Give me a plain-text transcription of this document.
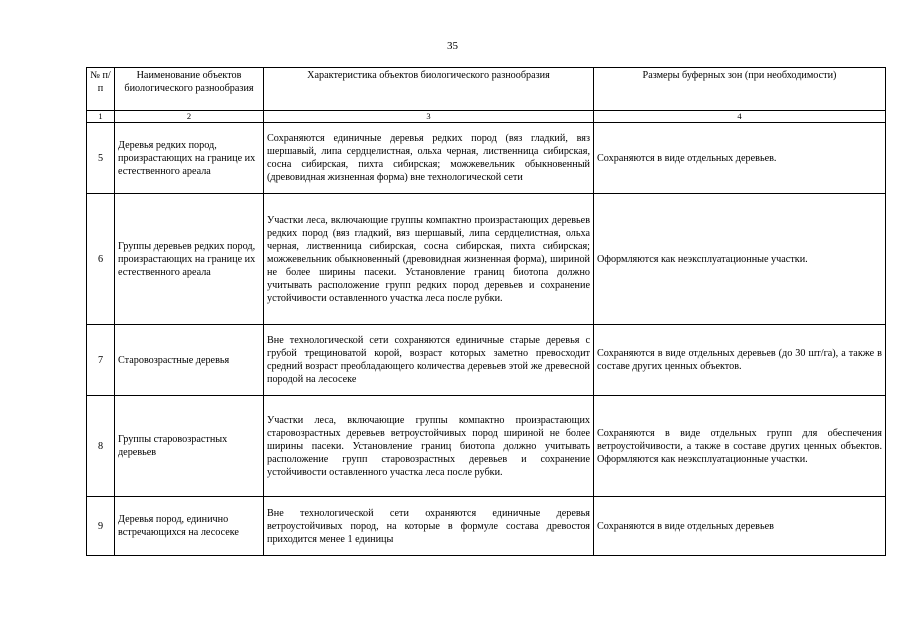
35
№ п/п	Наименование объектов биологического разнообразия	Характеристика объектов биологического разнообразия	Размеры буферных зон (при необходимости)
1	2	3	4
5	Деревья редких пород, произрастающих на границе их естественного ареала	Сохраняются единичные деревья редких пород (вяз гладкий, вяз шершавый, липа сердцелистная, ольха черная, лиственница сибирская, сосна сибирская, пихта сибирская; можжевельник обыкновенный (древовидная жизненная форма) вне технологической сети	Сохраняются в виде отдельных деревьев.
6	Группы деревьев редких пород, произрастающих на границе их естественного ареала	Участки леса, включающие группы компактно произрастающих деревьев редких пород (вяз гладкий, вяз шершавый, липа сердцелистная, ольха черная, лиственница сибирская, сосна сибирская, пихта сибирская; можжевельник обыкновенный (древовидная жизненная форма), шириной не более ширины пасеки. Установление границ биотопа должно учитывать расположение групп редких пород деревьев и сохранение устойчивости оставленного участка леса после рубки.	Оформляются как неэксплуатационные участки.
7	Старовозрастные деревья	Вне технологической сети сохраняются единичные старые деревья с грубой трещиноватой корой, возраст которых заметно превосходит средний возраст преобладающего количества деревьев этой же древесной породой на лесосеке	Сохраняются в виде отдельных деревьев (до 30 шт/га), а также в составе других ценных объектов.
8	Группы старовозрастных деревьев	Участки леса, включающие группы компактно произрастающих старовозрастных деревьев ветроустойчивых пород шириной не более ширины пасеки. Установление границ биотопа должно учитывать расположение групп старовозрастных деревьев и сохранение устойчивости оставленного участка леса после рубки.	Сохраняются в виде отдельных групп для обеспечения ветроустойчивости, а также в составе других ценных объектов. Оформляются как неэксплуатационные участки.
9	Деревья пород, единично встречающихся на лесосеке	Вне технологической сети охраняются единичные деревья ветроустойчивых пород, на которые в формуле состава древостоя приходится менее 1 единицы	Сохраняются в виде отдельных деревьев
